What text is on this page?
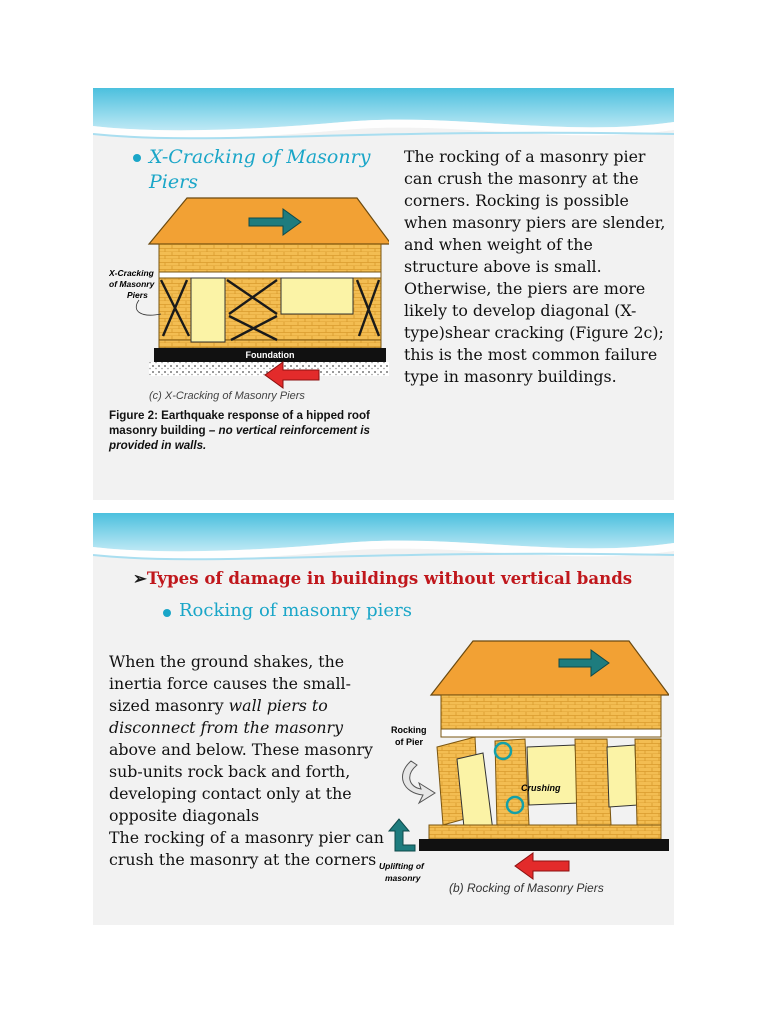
X-Cracking of Masonry Piers
The rocking of a masonry pier can crush the masonry at the corners. Rocking is possible when masonry piers are slender, and when weight of the structure above is small. Otherwise, the piers are more likely to develop diagonal (X-type)shear cracking (Figure 2c); this is the most common failure type in masonry buildings.
Foundation
X-Cracking
of Masonry
Piers
(c) X-Cracking of Masonry Piers
Figure 2: Earthquake response of a hipped roof masonry building – no vertical reinforcement is provided in walls.
➢Types of damage in buildings without vertical bands
Rocking of masonry piers
When the ground shakes, the inertia force causes the small-sized masonry wall piers to disconnect from the masonry above and below. These masonry sub-units rock back and forth, developing contact only at the opposite diagonals
The rocking of a masonry pier can crush the masonry at the corners
Crushing
Rocking
of Pier
Uplifting of
masonry
(b) Rocking of Masonry Piers
